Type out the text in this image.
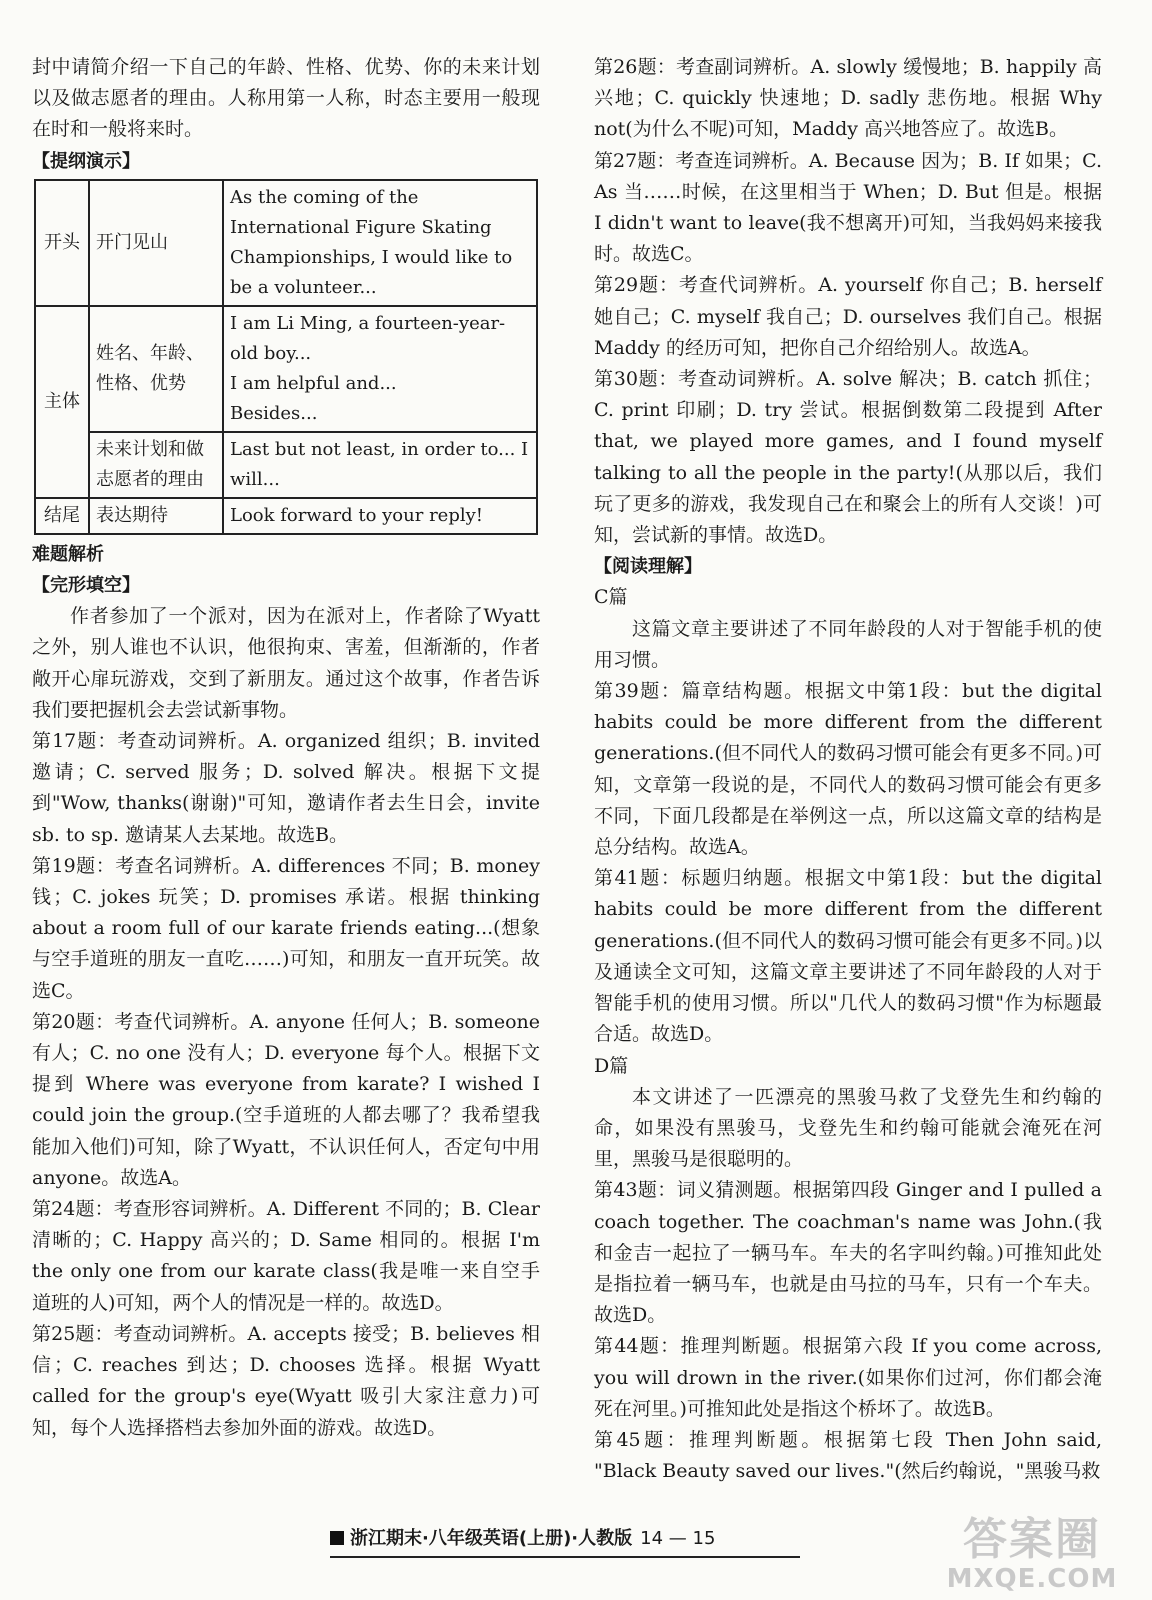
封中请简介绍一下自己的年龄、性格、优势、你的未来计划以及做志愿者的理由。人称用第一人称，时态主要用一般现在时和一般将来时。

【提纲演示】

开头	开门见山	As the coming of the International Figure Skating Championships, I would like to be a volunteer...
主体	姓名、年龄、性格、优势	I am Li Ming, a fourteen-year-old boy...
I am helpful and...
Besides...

	未来计划和做志愿者的理由	Last but not least, in order to... I will...
结尾	表达期待	Look forward to your reply!

难题解析

【完形填空】

作者参加了一个派对，因为在派对上，作者除了Wyatt之外，别人谁也不认识，他很拘束、害羞，但渐渐的，作者敞开心扉玩游戏，交到了新朋友。通过这个故事，作者告诉我们要把握机会去尝试新事物。

第17题：考查动词辨析。A. organized 组织；B. invited 邀请；C. served 服务；D. solved 解决。根据下文提到"Wow, thanks(谢谢)"可知，邀请作者去生日会，invite sb. to sp. 邀请某人去某地。故选B。

第19题：考查名词辨析。A. differences 不同；B. money 钱；C. jokes 玩笑；D. promises 承诺。根据 thinking about a room full of our karate friends eating...(想象与空手道班的朋友一直吃……)可知，和朋友一直开玩笑。故选C。

第20题：考查代词辨析。A. anyone 任何人；B. someone 有人；C. no one 没有人；D. everyone 每个人。根据下文提到 Where was everyone from karate? I wished I could join the group.(空手道班的人都去哪了？我希望我能加入他们)可知，除了Wyatt，不认识任何人，否定句中用anyone。故选A。

第24题：考查形容词辨析。A. Different 不同的；B. Clear 清晰的；C. Happy 高兴的；D. Same 相同的。根据 I'm the only one from our karate class(我是唯一来自空手道班的人)可知，两个人的情况是一样的。故选D。

第25题：考查动词辨析。A. accepts 接受；B. believes 相信；C. reaches 到达；D. chooses 选择。根据 Wyatt called for the group's eye(Wyatt 吸引大家注意力)可知，每个人选择搭档去参加外面的游戏。故选D。

第26题：考查副词辨析。A. slowly 缓慢地；B. happily 高兴地；C. quickly 快速地；D. sadly 悲伤地。根据 Why not(为什么不呢)可知，Maddy 高兴地答应了。故选B。

第27题：考查连词辨析。A. Because 因为；B. If 如果；C. As 当……时候，在这里相当于 When；D. But 但是。根据 I didn't want to leave(我不想离开)可知，当我妈妈来接我时。故选C。

第29题：考查代词辨析。A. yourself 你自己；B. herself 她自己；C. myself 我自己；D. ourselves 我们自己。根据 Maddy 的经历可知，把你自己介绍给别人。故选A。

第30题：考查动词辨析。A. solve 解决；B. catch 抓住；C. print 印刷；D. try 尝试。根据倒数第二段提到 After that, we played more games, and I found myself talking to all the people in the party!(从那以后，我们玩了更多的游戏，我发现自己在和聚会上的所有人交谈！)可知，尝试新的事情。故选D。

【阅读理解】

C篇

这篇文章主要讲述了不同年龄段的人对于智能手机的使用习惯。

第39题：篇章结构题。根据文中第1段：but the digital habits could be more different from the different generations.(但不同代人的数码习惯可能会有更多不同。)可知，文章第一段说的是，不同代人的数码习惯可能会有更多不同，下面几段都是在举例这一点，所以这篇文章的结构是总分结构。故选A。

第41题：标题归纳题。根据文中第1段：but the digital habits could be more different from the different generations.(但不同代人的数码习惯可能会有更多不同。)以及通读全文可知，这篇文章主要讲述了不同年龄段的人对于智能手机的使用习惯。所以"几代人的数码习惯"作为标题最合适。故选D。

D篇

本文讲述了一匹漂亮的黑骏马救了戈登先生和约翰的命，如果没有黑骏马，戈登先生和约翰可能就会淹死在河里，黑骏马是很聪明的。

第43题：词义猜测题。根据第四段 Ginger and I pulled a coach together. The coachman's name was John.(我和金吉一起拉了一辆马车。车夫的名字叫约翰。)可推知此处是指拉着一辆马车，也就是由马拉的马车，只有一个车夫。故选D。

第44题：推理判断题。根据第六段 If you come across, you will drown in the river.(如果你们过河，你们都会淹死在河里。)可推知此处是指这个桥坏了。故选B。

第45题：推理判断题。根据第七段 Then John said, "Black Beauty saved our lives."(然后约翰说，"黑骏马救

浙江期末·八年级英语(上册)·人教版 14 — 15	答案圈
MXQE.COM
